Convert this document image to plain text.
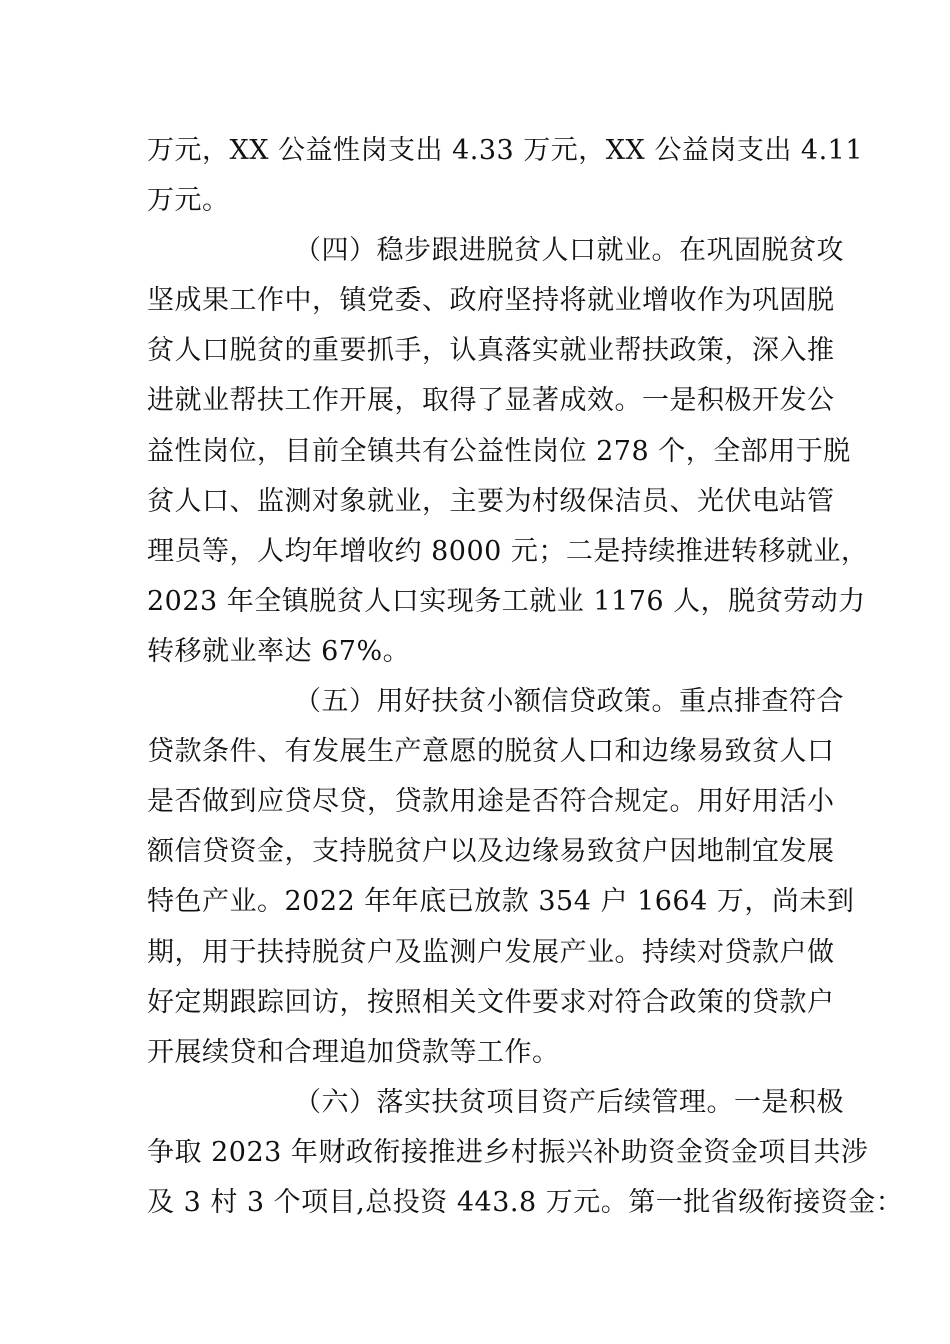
万元，XX 公益性岗支出 4.33 万元，XX 公益岗支出 4.11
万元。
（四）稳步跟进脱贫人口就业。在巩固脱贫攻
坚成果工作中，镇党委、政府坚持将就业增收作为巩固脱
贫人口脱贫的重要抓手，认真落实就业帮扶政策，深入推
进就业帮扶工作开展，取得了显著成效。一是积极开发公
益性岗位，目前全镇共有公益性岗位 278 个，全部用于脱
贫人口、监测对象就业，主要为村级保洁员、光伏电站管
理员等，人均年增收约 8000 元；二是持续推进转移就业，
2023 年全镇脱贫人口实现务工就业 1176 人，脱贫劳动力
转移就业率达 67%。
（五）用好扶贫小额信贷政策。重点排查符合
贷款条件、有发展生产意愿的脱贫人口和边缘易致贫人口
是否做到应贷尽贷，贷款用途是否符合规定。用好用活小
额信贷资金，支持脱贫户以及边缘易致贫户因地制宜发展
特色产业。2022 年年底已放款 354 户 1664 万，尚未到
期，用于扶持脱贫户及监测户发展产业。持续对贷款户做
好定期跟踪回访，按照相关文件要求对符合政策的贷款户
开展续贷和合理追加贷款等工作。
（六）落实扶贫项目资产后续管理。一是积极
争取 2023 年财政衔接推进乡村振兴补助资金资金项目共涉
及 3 村 3 个项目,总投资 443.8 万元。第一批省级衔接资金：
